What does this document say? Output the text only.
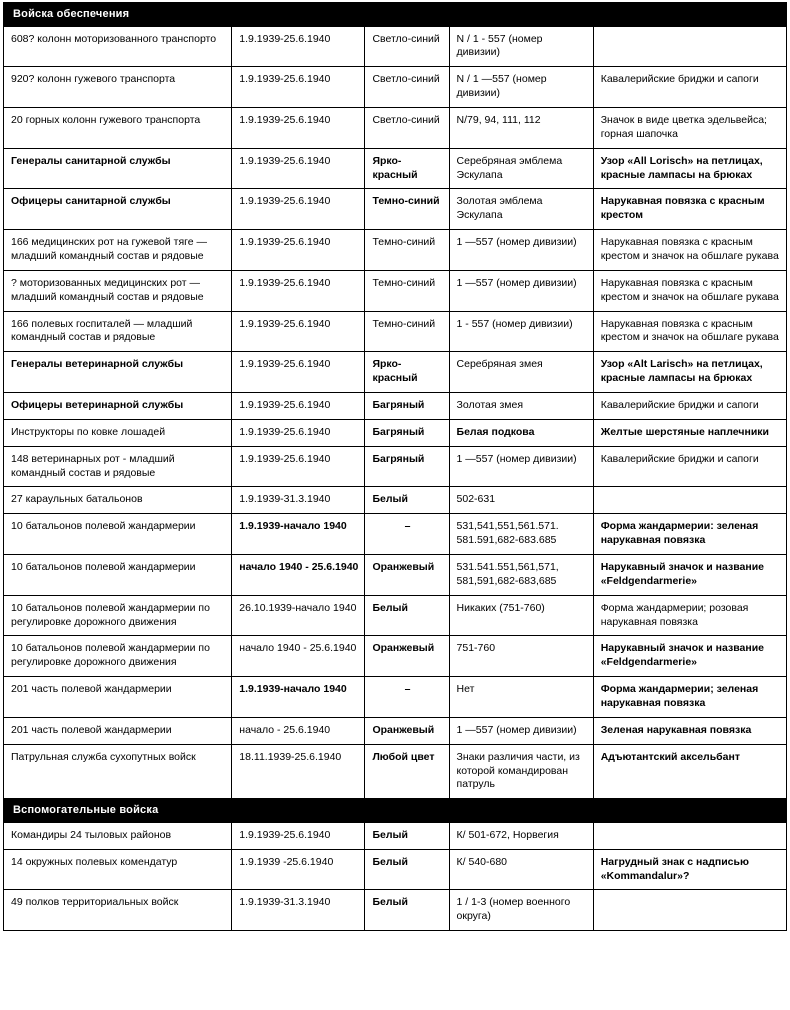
Войска обеспечения				
608? колонн моторизованного транспорто	1.9.1939-25.6.1940	Светло-синий	N / 1 - 557 (номер дивизии)	
920? колонн гужевого транспорта	1.9.1939-25.6.1940	Светло-синий	N / 1 —557 (номер дивизии)	Кавалерийские бриджи и сапоги
20 горных колонн гужевого транспорта	1.9.1939-25.6.1940	Светло-синий	N/79, 94, 111, 112	Значок в виде цветка эдельвейса; горная шапочка
Генералы санитарной службы	1.9.1939-25.6.1940	Ярко-красный	Серебряная эмблема Эскулапа	Узор «All Lorisch» на петлицах, красные лампасы на брюках
Офицеры санитарной службы	1.9.1939-25.6.1940	Темно-синий	Золотая эмблема Эскулапа	Нарукавная повязка с красным крестом
166 медицинских рот на гужевой тяге — младший командный состав и рядовые	1.9.1939-25.6.1940	Темно-синий	1 —557 (номер дивизии)	Нарукавная повязка с красным крестом и значок на обшлаге рукава
? моторизованных медицинских рот — младший командный состав и рядовые	1.9.1939-25.6.1940	Темно-синий	1 —557 (номер дивизии)	Нарукавная повязка с красным крестом и значок на обшлаге рукава
166 полевых госпиталей — младший командный состав и рядовые	1.9.1939-25.6.1940	Темно-синий	1 - 557 (номер дивизии)	Нарукавная повязка с красным крестом и значок на обшлаге рукава
Генералы ветеринарной службы	1.9.1939-25.6.1940	Ярко-красный	Серебряная змея	Узор «Alt Larisch» на петлицах, красные лампасы на брюках
Офицеры ветеринарной службы	1.9.1939-25.6.1940	Багряный	Золотая змея	Кавалерийские бриджи и сапоги
Инструкторы по ковке лошадей	1.9.1939-25.6.1940	Багряный	Белая подкова	Желтые шерстяные наплечники
148 ветеринарных рот - младший командный состав и рядовые	1.9.1939-25.6.1940	Багряный	1 —557 (номер дивизии)	Кавалерийские бриджи и сапоги
27 караульных батальонов	1.9.1939-31.3.1940	Белый	502-631	
10 батальонов полевой жандармерии	1.9.1939-начало 1940	–	531,541,551,561.571. 581.591,682-683.685	Форма жандармерии: зеленая нарукавная повязка
10 батальонов полевой жандармерии	начало 1940 - 25.6.1940	Оранжевый	531.541.551,561,571, 581,591,682-683,685	Нарукавный значок и название «Feldgendarmerie»
10 батальонов полевой жандармерии по регулировке дорожного движения	26.10.1939-начало 1940	Белый	Никаких (751-760)	Форма жандармерии; розовая нарукавная повязка
10 батальонов полевой жандармерии по регулировке дорожного движения	начало 1940 - 25.6.1940	Оранжевый	751-760	Нарукавный значок и название «Feldgendarmerie»
201 часть полевой жандармерии	1.9.1939-начало 1940	–	Нет	Форма жандармерии; зеленая нарукавная повязка
201 часть полевой жандармерии	начало - 25.6.1940	Оранжевый	1 —557 (номер дивизии)	Зеленая нарукавная повязка
Патрульная служба сухопутных войск	18.11.1939-25.6.1940	Любой цвет	Знаки различия части, из которой командирован патруль	Адъютантский аксельбант
Вспомогательные войска				
Командиры 24 тыловых районов	1.9.1939-25.6.1940	Белый	К/ 501-672, Норвегия	
14 окружных полевых комендатур	1.9.1939 -25.6.1940	Белый	К/ 540-680	Нагрудный знак с надписью «Kommandalur»?
49 полков территориальных войск	1.9.1939-31.3.1940	Белый	1 / 1-3 (номер военного округа)	
